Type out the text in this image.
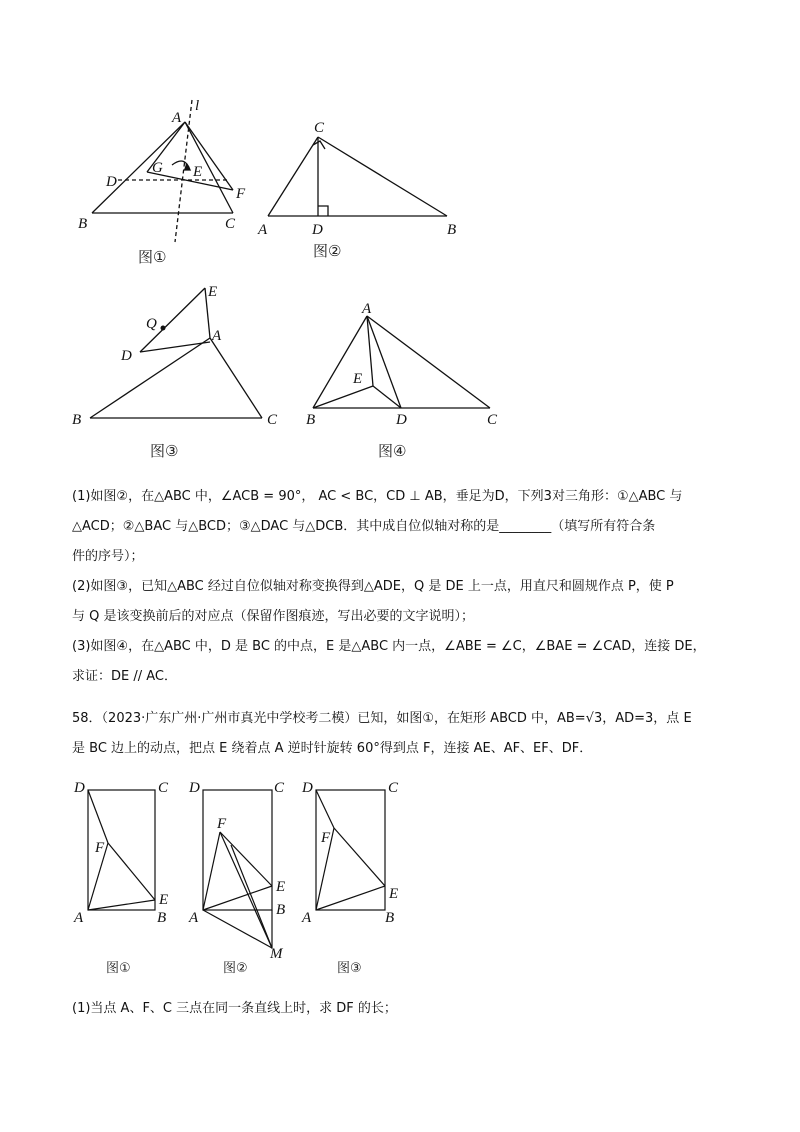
A
l
D
G E
F
B	C
图①
C
A	D	B
图②
E
Q
A
D
B	C
图③
A
E
B	D	C
图④

(1)如图②，在△ABC 中，∠ACB = 90°， AC < BC，CD ⊥ AB，垂足为D，下列3对三角形：①△ABC 与

△ACD；②△BAC 与△BCD；③△DAC 与△DCB．其中成自位似轴对称的是________（填写所有符合条

件的序号）；

(2)如图③，已知△ABC 经过自位似轴对称变换得到△ADE，Q 是 DE 上一点，用直尺和圆规作点 P，使 P

与 Q 是该变换前后的对应点（保留作图痕迹，写出必要的文字说明）；

(3)如图④，在△ABC 中，D 是 BC 的中点，E 是△ABC 内一点，∠ABE = ∠C，∠BAE = ∠CAD，连接 DE，

求证：DE // AC．

58．（2023·广东广州·广州市真光中学校考二模）已知，如图①，在矩形 ABCD 中，AB=√3，AD=3，点 E

是 BC 边上的动点，把点 E 绕着点 A 逆时针旋转 60°得到点 F，连接 AE、AF、EF、DF．

D	C
F
E
A	B
图①
D	C
F
E
B
A
M
图②
D	C
F
E
A	B
图③

(1)当点 A、F、C 三点在同一条直线上时，求 DF 的长；
